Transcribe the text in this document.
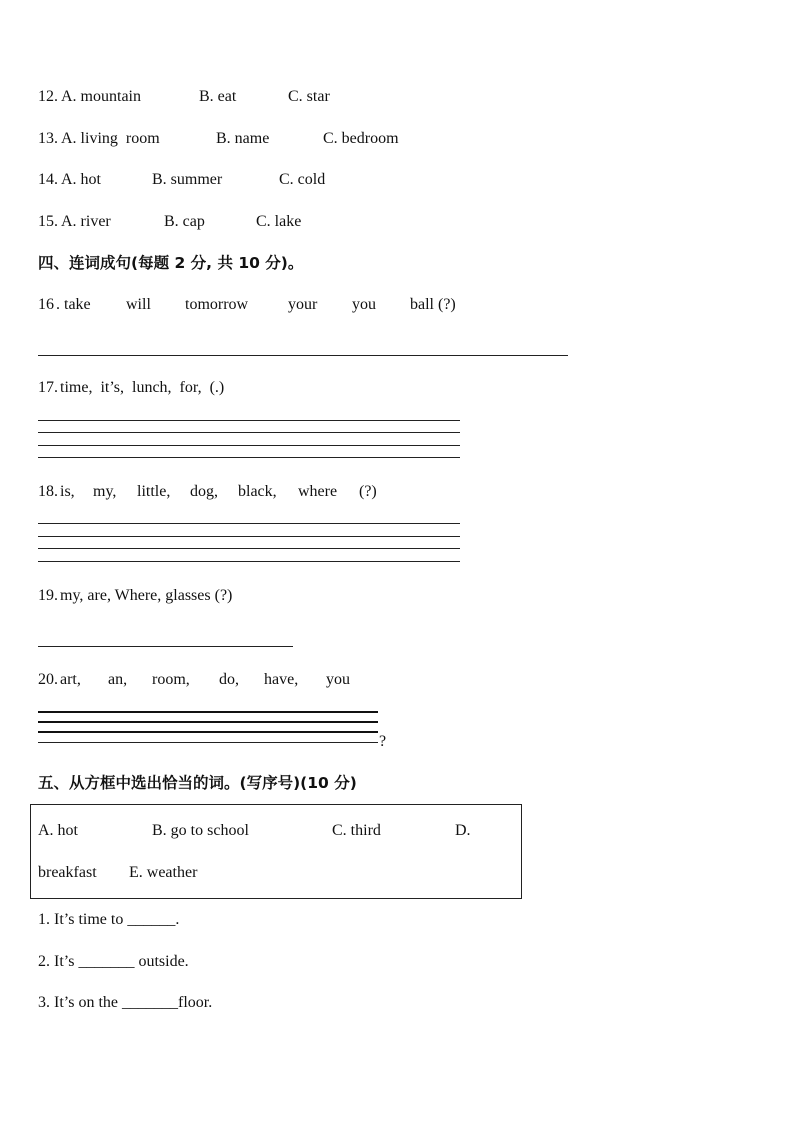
12. A. mountain	B. eat	C. star
13. A. living  room	B. name	C. bedroom
14. A. hot	B. summer	C. cold
15. A. river	B. cap	C. lake
四、连词成句(每题 2 分, 共 10 分)。
16 . take will tomorrow your you ball (?)
17. time,  it’s,  lunch,  for,  (.)
18. is, my, little, dog, black, where (?)
19. my, are, Where, glasses (?)
20. art, an, room, do, have, you
?
五、从方框中选出恰当的词。(写序号)(10 分)
A. hot	B. go to school	C. third	D.
breakfast E. weather
1. It’s time to ______.
2. It’s _______ outside.
3. It’s on the _______floor.
